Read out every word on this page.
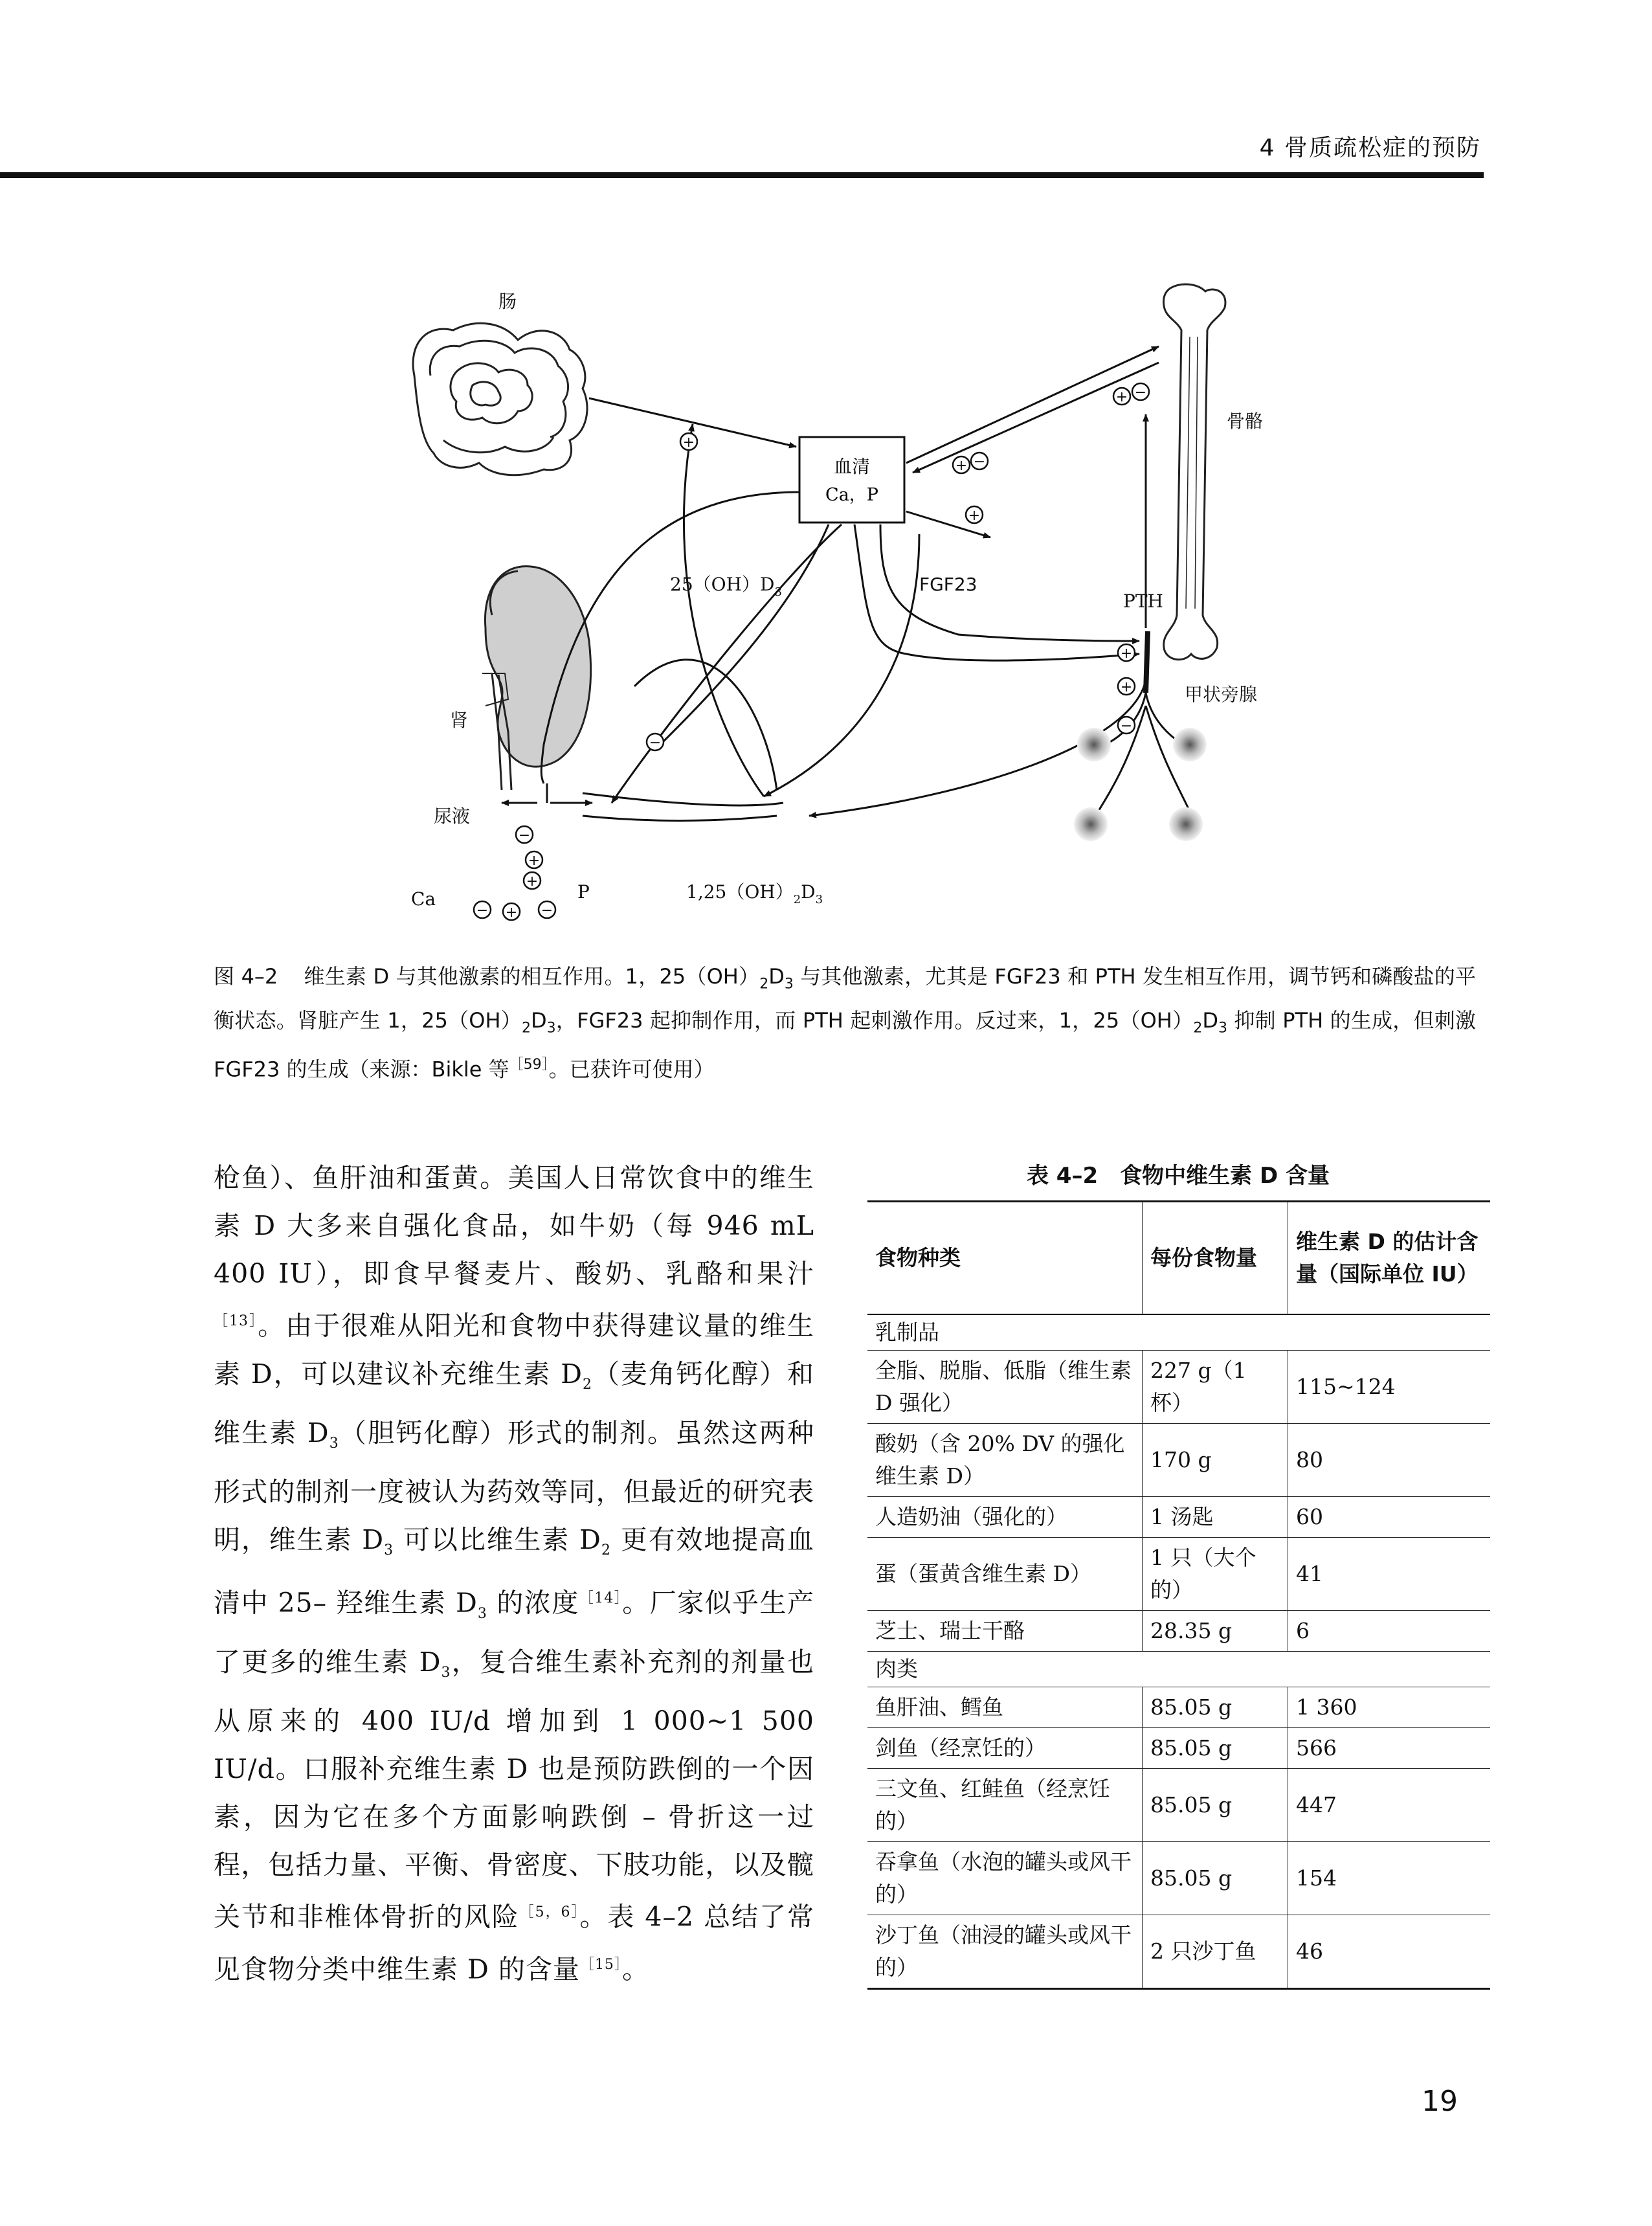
4 骨质疏松症的预防
血清
Ca，P
+
+ −
+ −
+
+
+
−
−
−
+
+
−	−
+
肠
骨骼
$25(OH)D_3$	FGF23
PTH
甲状旁腺
肾
尿液
Ca	P	$1,25(OH)_2D_3$

图 4–2 维生素 D 与其他激素的相互作用。1，$25(OH)_2D_3$ 与其他激素，尤其是 FGF23 和 PTH 发生相互作用，调节钙和磷酸盐的平衡状态。肾脏产生 1，$25(OH)_2D_3$，FGF23 起抑制作用，而 PTH 起刺激作用。反过来，1，$25(OH)_2D_3$ 抑制 PTH 的生成，但刺激 FGF23 的生成（来源：Bikle 等$^{[59]}$。已获许可使用）

枪鱼）、鱼肝油和蛋黄。美国人日常饮食中的维生素 D 大多来自强化食品，如牛奶（每 946 mL 400 IU），即食早餐麦片、酸奶、乳酪和果汁$^{[13]}$。由于很难从阳光和食物中获得建议量的维生素 D，可以建议补充维生素 $D_2$（麦角钙化醇）和维生素 $D_3$（胆钙化醇）形式的制剂。虽然这两种形式的制剂一度被认为药效等同，但最近的研究表明，维生素 $D_3$ 可以比维生素 $D_2$ 更有效地提高血清中 25– 羟维生素 $D_3$ 的浓度$^{[14]}$。厂家似乎生产了更多的维生素 $D_3$，复合维生素补充剂的剂量也从原来的 400 IU/d 增加到 1 000~1 500 IU/d。口服补充维生素 D 也是预防跌倒的一个因素，因为它在多个方面影响跌倒 – 骨折这一过程，包括力量、平衡、骨密度、下肢功能，以及髋关节和非椎体骨折的风险$^{[5,6]}$。表 4–2 总结了常见食物分类中维生素 D 的含量$^{[15]}$。

表 4–2 食物中维生素 D 含量
食物种类	每份食物量	维生素 D 的估计含量（国际单位 IU）
乳制品		
全脂、脱脂、低脂（维生素 D 强化）	227 g（1 杯）	115~124
酸奶（含 20% DV 的强化维生素 D）	170 g	80
人造奶油（强化的）	1 汤匙	60
蛋（蛋黄含维生素 D）	1 只（大个的）	41
芝士、瑞士干酪	28.35 g	6
肉类		
鱼肝油、鳕鱼	85.05 g	1 360
剑鱼（经烹饪的）	85.05 g	566
三文鱼、红鲑鱼（经烹饪的）	85.05 g	447
吞拿鱼（水泡的罐头或风干的）	85.05 g	154
沙丁鱼（油浸的罐头或风干的）	2 只沙丁鱼	46
19
